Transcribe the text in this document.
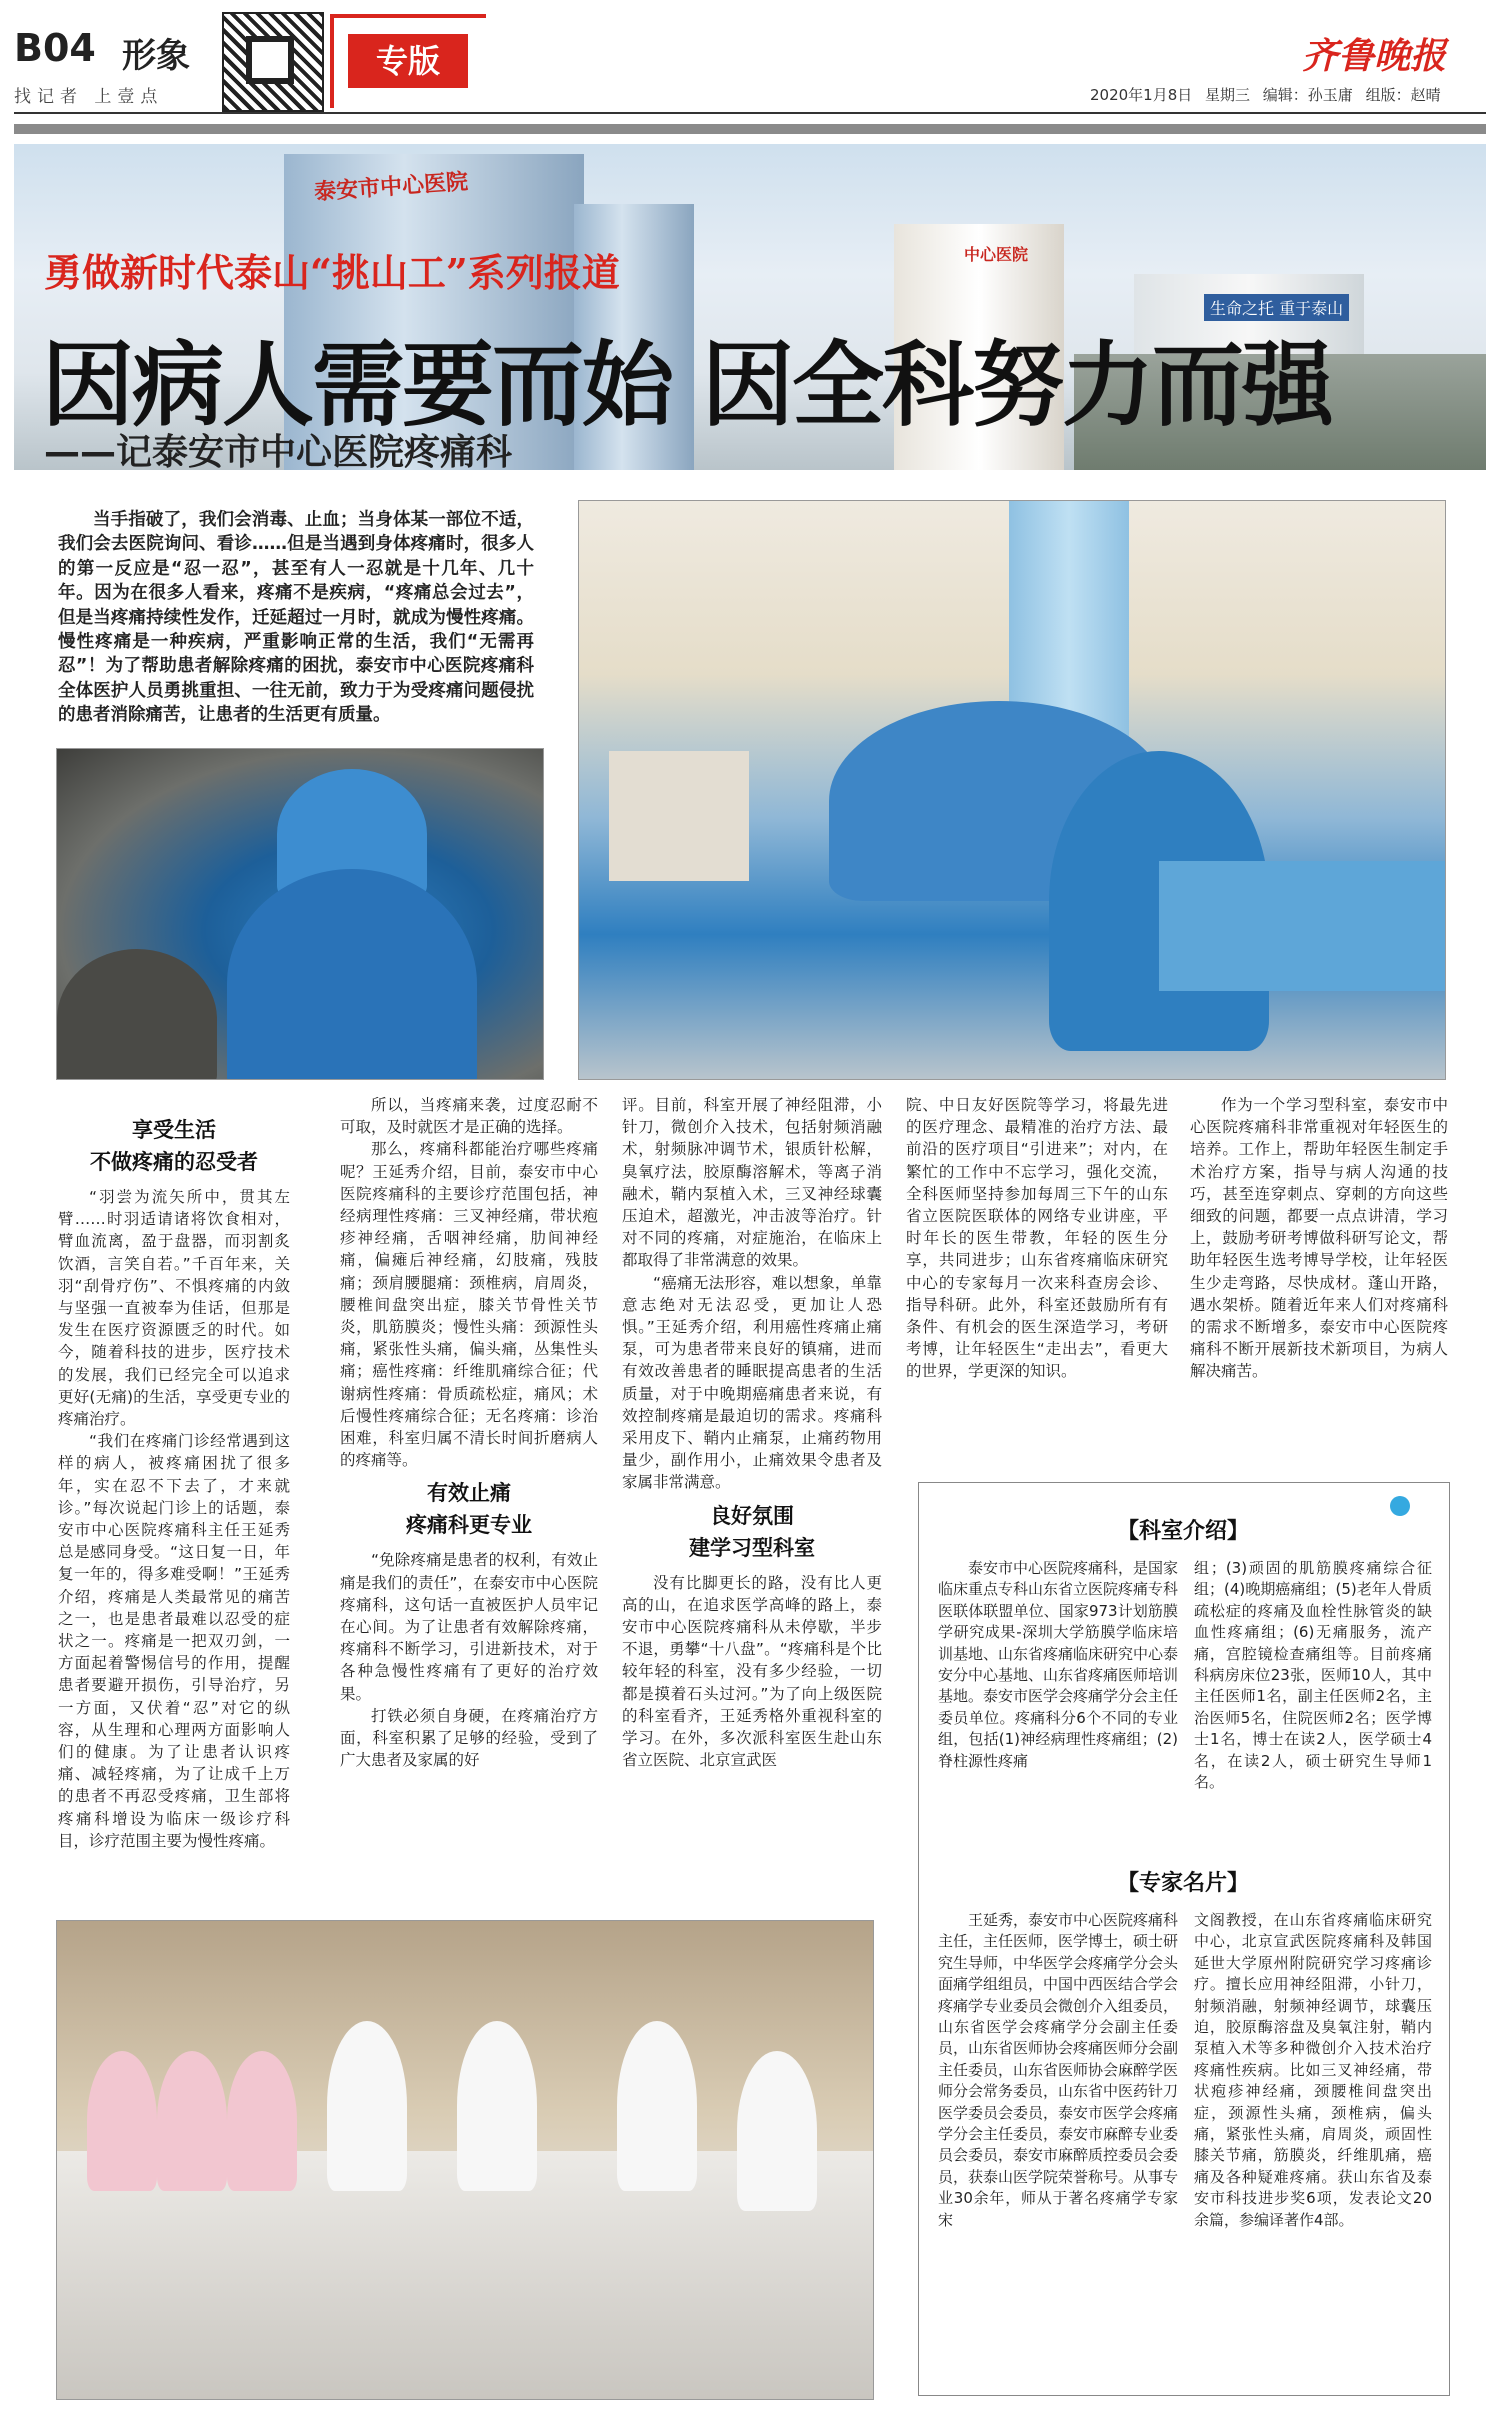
B04 形象	专版
找记者 上壹点
齐鲁晚报
2020年1月8日 星期三 编辑：孙玉庸 组版：赵晴
泰安市中心医院
中心医院
生命之托 重于泰山
勇做新时代泰山“挑山工”系列报道
因病人需要而始 因全科努力而强
——记泰安市中心医院疼痛科
当手指破了，我们会消毒、止血；当身体某一部位不适，我们会去医院询问、看诊……但是当遇到身体疼痛时，很多人的第一反应是“忍一忍”，甚至有人一忍就是十几年、几十年。因为在很多人看来，疼痛不是疾病，“疼痛总会过去”，但是当疼痛持续性发作，迁延超过一月时，就成为慢性疼痛。慢性疼痛是一种疾病，严重影响正常的生活，我们“无需再忍”！为了帮助患者解除疼痛的困扰，泰安市中心医院疼痛科全体医护人员勇挑重担、一往无前，致力于为受疼痛问题侵扰的患者消除痛苦，让患者的生活更有质量。
享受生活
不做疼痛的忍受者

“羽尝为流矢所中，贯其左臂……时羽适请诸将饮食相对，臂血流离，盈于盘器，而羽割炙饮酒，言笑自若。”千百年来，关羽“刮骨疗伤”、不惧疼痛的内敛与坚强一直被奉为佳话，但那是发生在医疗资源匮乏的时代。如今，随着科技的进步，医疗技术的发展，我们已经完全可以追求更好(无痛)的生活，享受更专业的疼痛治疗。

“我们在疼痛门诊经常遇到这样的病人，被疼痛困扰了很多年，实在忍不下去了，才来就诊。”每次说起门诊上的话题，泰安市中心医院疼痛科主任王延秀总是感同身受。“这日复一日，年复一年的，得多难受啊！”王延秀介绍，疼痛是人类最常见的痛苦之一，也是患者最难以忍受的症状之一。疼痛是一把双刃剑，一方面起着警惕信号的作用，提醒患者要避开损伤，引导治疗，另一方面，又伏着“忍”对它的纵容，从生理和心理两方面影响人们的健康。为了让患者认识疼痛、减轻疼痛，为了让成千上万的患者不再忍受疼痛，卫生部将疼痛科增设为临床一级诊疗科目，诊疗范围主要为慢性疼痛。

所以，当疼痛来袭，过度忍耐不可取，及时就医才是正确的选择。

那么，疼痛科都能治疗哪些疼痛呢？王延秀介绍，目前，泰安市中心医院疼痛科的主要诊疗范围包括，神经病理性疼痛：三叉神经痛，带状疱疹神经痛，舌咽神经痛，肋间神经痛，偏瘫后神经痛，幻肢痛，残肢痛；颈肩腰腿痛：颈椎病，肩周炎，腰椎间盘突出症，膝关节骨性关节炎，肌筋膜炎；慢性头痛：颈源性头痛，紧张性头痛，偏头痛，丛集性头痛；癌性疼痛：纤维肌痛综合征；代谢病性疼痛：骨质疏松症，痛风；术后慢性疼痛综合征；无名疼痛：诊治困难，科室归属不清长时间折磨病人的疼痛等。

有效止痛
疼痛科更专业

“免除疼痛是患者的权利，有效止痛是我们的责任”，在泰安市中心医院疼痛科，这句话一直被医护人员牢记在心间。为了让患者有效解除疼痛，疼痛科不断学习，引进新技术，对于各种急慢性疼痛有了更好的治疗效果。

打铁必须自身硬，在疼痛治疗方面，科室积累了足够的经验，受到了广大患者及家属的好

评。目前，科室开展了神经阻滞，小针刀，微创介入技术，包括射频消融术，射频脉冲调节术，银质针松解，臭氧疗法，胶原酶溶解术，等离子消融术，鞘内泵植入术，三叉神经球囊压迫术，超激光，冲击波等治疗。针对不同的疼痛，对症施治，在临床上都取得了非常满意的效果。

“癌痛无法形容，难以想象，单靠意志绝对无法忍受，更加让人恐惧。”王延秀介绍，利用癌性疼痛止痛泵，可为患者带来良好的镇痛，进而有效改善患者的睡眠提高患者的生活质量，对于中晚期癌痛患者来说，有效控制疼痛是最迫切的需求。疼痛科采用皮下、鞘内止痛泵，止痛药物用量少，副作用小，止痛效果令患者及家属非常满意。

良好氛围
建学习型科室

没有比脚更长的路，没有比人更高的山，在追求医学高峰的路上，泰安市中心医院疼痛科从未停歇，半步不退，勇攀“十八盘”。“疼痛科是个比较年轻的科室，没有多少经验，一切都是摸着石头过河。”为了向上级医院的科室看齐，王延秀格外重视科室的学习。在外，多次派科室医生赴山东省立医院、北京宣武医

院、中日友好医院等学习，将最先进的医疗理念、最精准的治疗方法、最前沿的医疗项目“引进来”；对内，在繁忙的工作中不忘学习，强化交流，全科医师坚持参加每周三下午的山东省立医院医联体的网络专业讲座，平时年长的医生带教，年轻的医生分享，共同进步；山东省疼痛临床研究中心的专家每月一次来科查房会诊、指导科研。此外，科室还鼓励所有有条件、有机会的医生深造学习，考研考博，让年轻医生“走出去”，看更大的世界，学更深的知识。

作为一个学习型科室，泰安市中心医院疼痛科非常重视对年轻医生的培养。工作上，帮助年轻医生制定手术治疗方案，指导与病人沟通的技巧，甚至连穿刺点、穿刺的方向这些细致的问题，都要一点点讲清，学习上，鼓励考研考博做科研写论文，帮助年轻医生选考博导学校，让年轻医生少走弯路，尽快成材。蓬山开路，遇水架桥。随着近年来人们对疼痛科的需求不断增多，泰安市中心医院疼痛科不断开展新技术新项目，为病人解决痛苦。

【科室介绍】
泰安市中心医院疼痛科，是国家临床重点专科山东省立医院疼痛专科医联体联盟单位、国家973计划筋膜学研究成果-深圳大学筋膜学临床培训基地、山东省疼痛临床研究中心泰安分中心基地、山东省疼痛医师培训基地。泰安市医学会疼痛学分会主任委员单位。疼痛科分6个不同的专业组，包括(1)神经病理性疼痛组；(2)脊柱源性疼痛
组；(3)顽固的肌筋膜疼痛综合征组；(4)晚期癌痛组；(5)老年人骨质疏松症的疼痛及血栓性脉管炎的缺血性疼痛组；(6)无痛服务，流产痛，宫腔镜检查痛组等。目前疼痛科病房床位23张，医师10人，其中主任医师1名，副主任医师2名，主治医师5名，住院医师2名；医学博士1名，博士在读2人，医学硕士4名，在读2人，硕士研究生导师1名。
【专家名片】
王延秀，泰安市中心医院疼痛科主任，主任医师，医学博士，硕士研究生导师，中华医学会疼痛学分会头面痛学组组员，中国中西医结合学会疼痛学专业委员会微创介入组委员，山东省医学会疼痛学分会副主任委员，山东省医师协会疼痛医师分会副主任委员，山东省医师协会麻醉学医师分会常务委员，山东省中医药针刀医学委员会委员，泰安市医学会疼痛学分会主任委员，泰安市麻醉专业委员会委员，泰安市麻醉质控委员会委员，获泰山医学院荣誉称号。从事专业30余年，师从于著名疼痛学专家宋
文阁教授，在山东省疼痛临床研究中心，北京宣武医院疼痛科及韩国延世大学原州附院研究学习疼痛诊疗。擅长应用神经阻滞，小针刀，射频消融，射频神经调节，球囊压迫，胶原酶溶盘及臭氧注射，鞘内泵植入术等多种微创介入技术治疗疼痛性疾病。比如三叉神经痛，带状疱疹神经痛，颈腰椎间盘突出症，颈源性头痛，颈椎病，偏头痛，紧张性头痛，肩周炎，顽固性膝关节痛，筋膜炎，纤维肌痛，癌痛及各种疑难疼痛。获山东省及泰安市科技进步奖6项，发表论文20余篇，参编译著作4部。
